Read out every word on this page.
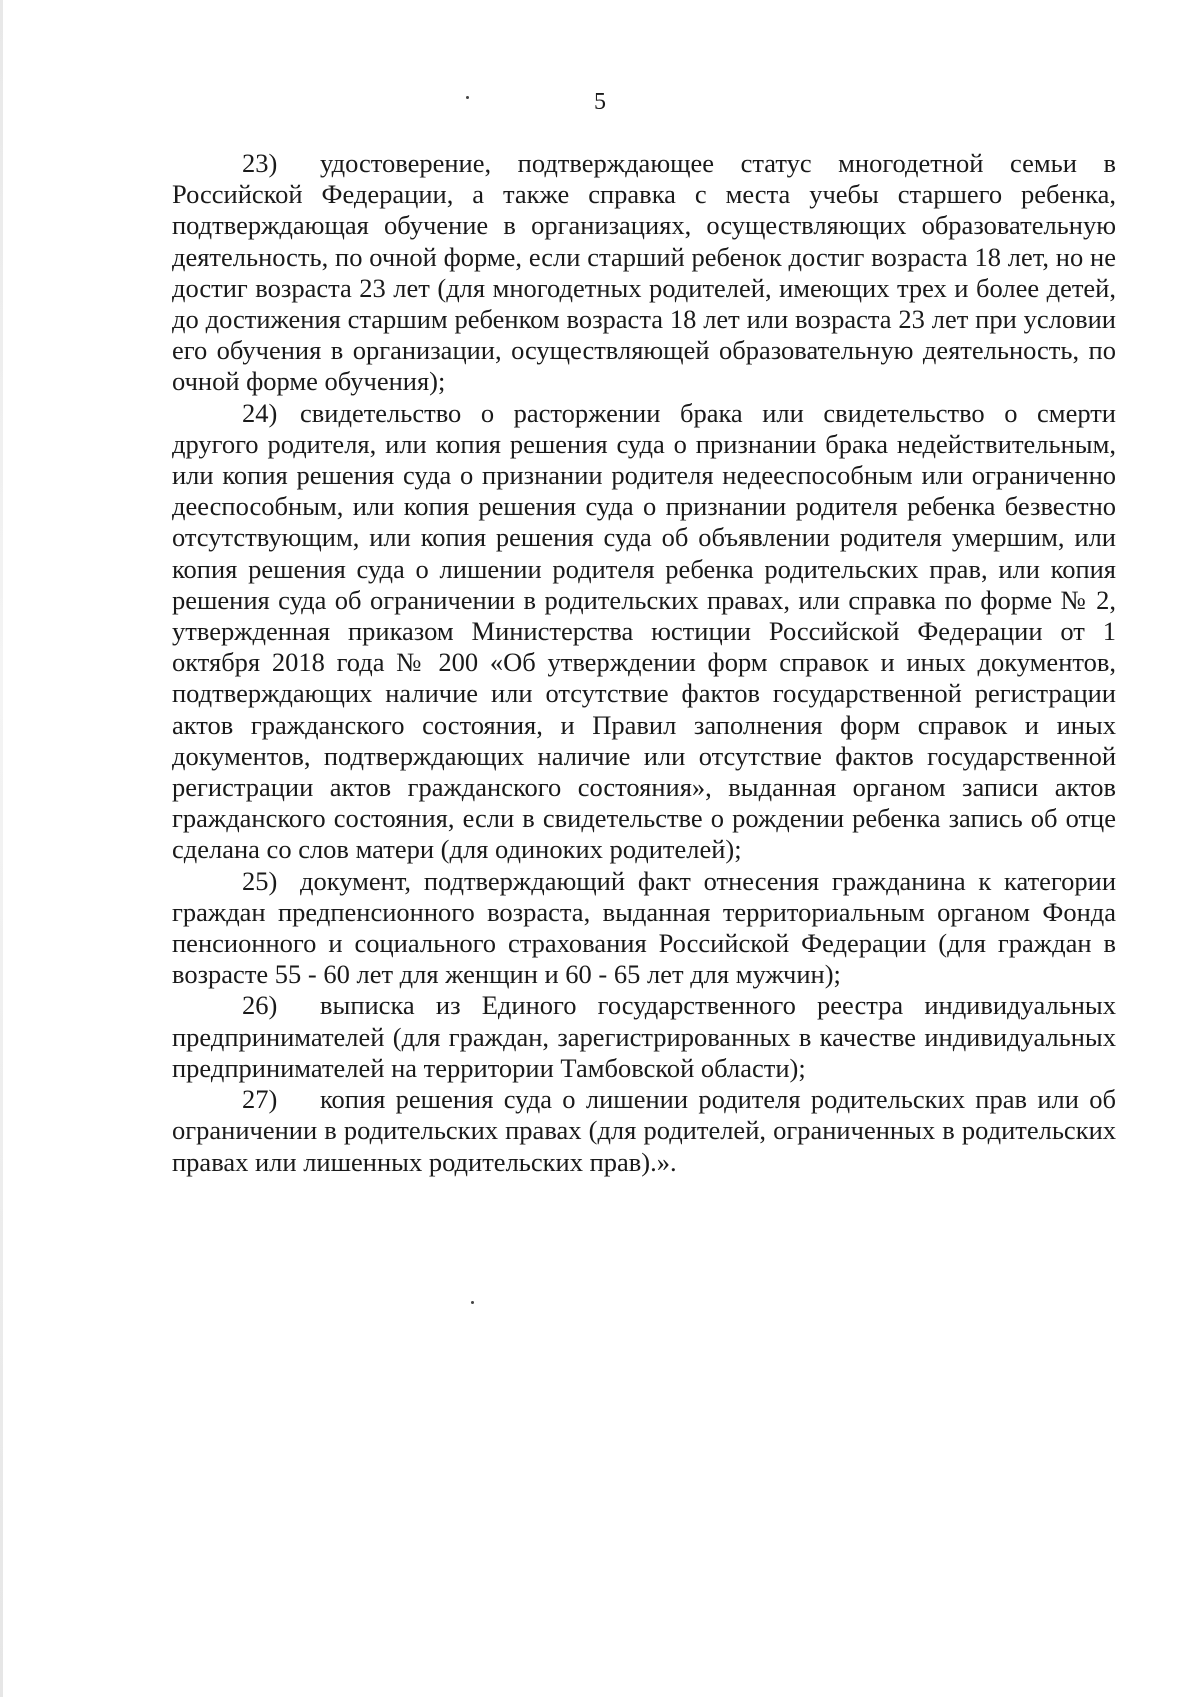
5

23) удостоверение, подтверждающее статус многодетной семьи в Российской Федерации, а также справка с места учебы старшего ребенка, подтверждающая обучение в организациях, осуществляющих образовательную деятельность, по очной форме, если старший ребенок достиг возраста 18 лет, но не достиг возраста 23 лет (для многодетных родителей, имеющих трех и более детей, до достижения старшим ребенком возраста 18 лет или возраста 23 лет при условии его обучения в организации, осуществляющей образовательную деятельность, по очной форме обучения);

24) свидетельство о расторжении брака или свидетельство о смерти другого родителя, или копия решения суда о признании брака недействительным, или копия решения суда о признании родителя недееспособным или ограниченно дееспособным, или копия решения суда о признании родителя ребенка безвестно отсутствующим, или копия решения суда об объявлении родителя умершим, или копия решения суда о лишении родителя ребенка родительских прав, или копия решения суда об ограничении в родительских правах, или справка по форме № 2, утвержденная приказом Министерства юстиции Российской Федерации от 1 октября 2018 года № 200 «Об утверждении форм справок и иных документов, подтверждающих наличие или отсутствие фактов государственной регистрации актов гражданского состояния, и Правил заполнения форм справок и иных документов, подтверждающих наличие или отсутствие фактов государственной регистрации актов гражданского состояния», выданная органом записи актов гражданского состояния, если в свидетельстве о рождении ребенка запись об отце сделана со слов матери (для одиноких родителей);

25) документ, подтверждающий факт отнесения гражданина к категории граждан предпенсионного возраста, выданная территориальным органом Фонда пенсионного и социального страхования Российской Федерации (для граждан в возрасте 55 - 60 лет для женщин и 60 - 65 лет для мужчин);

26) выписка из Единого государственного реестра индивидуальных предпринимателей (для граждан, зарегистрированных в качестве индивидуальных предпринимателей на территории Тамбовской области);

27) копия решения суда о лишении родителя родительских прав или об ограничении в родительских правах (для родителей, ограниченных в родительских правах или лишенных родительских прав).».
